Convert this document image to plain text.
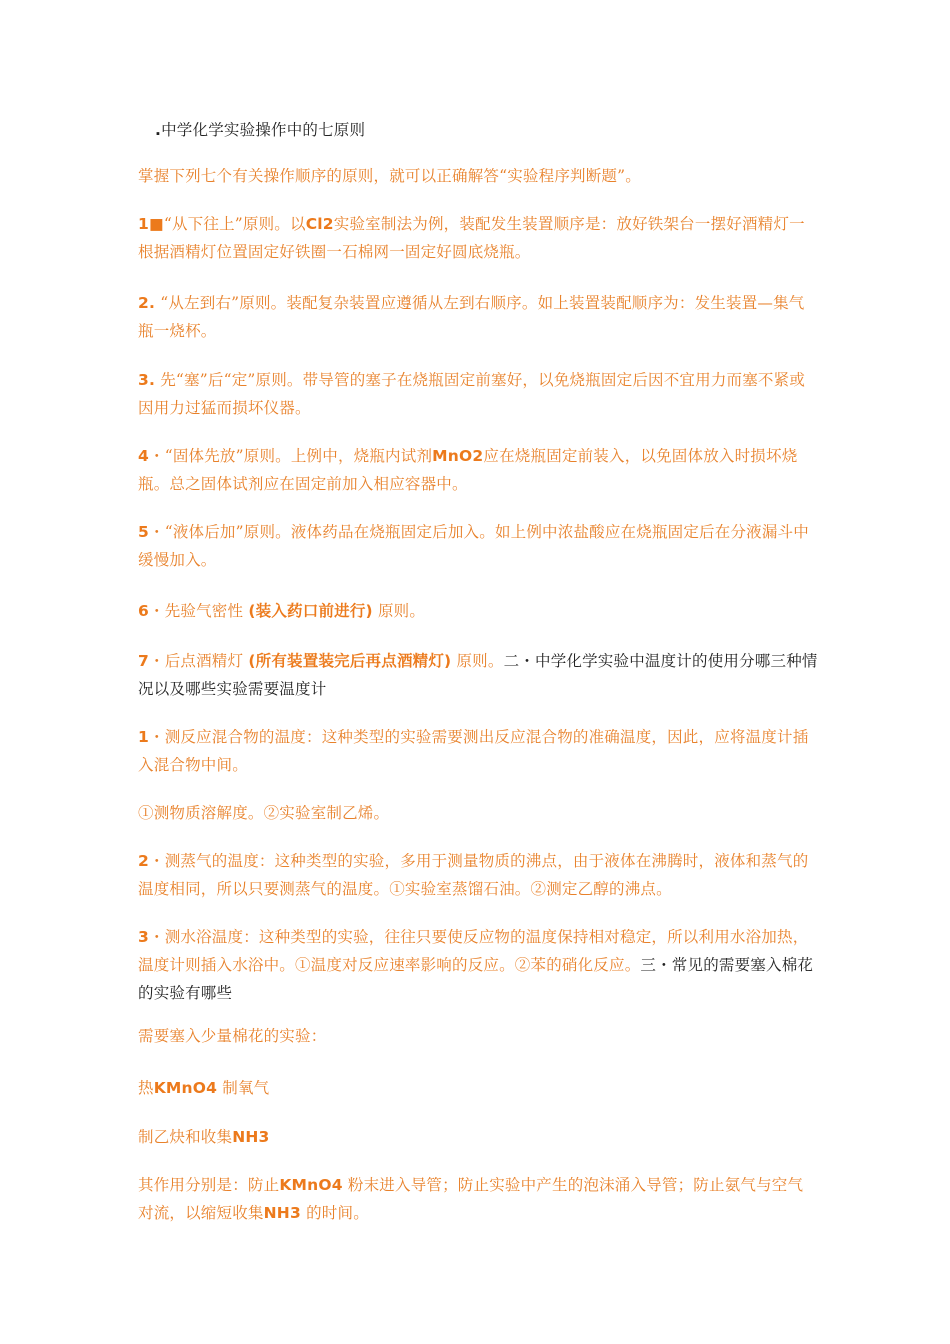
.中学化学实验操作中的七原则

掌握下列七个有关操作顺序的原则，就可以正确解答“实验程序判断题”。

1■“从下往上”原则。以Cl2实验室制法为例，装配发生装置顺序是：放好铁架台一摆好酒精灯一根据酒精灯位置固定好铁圈一石棉网一固定好圆底烧瓶。

2. “从左到右”原则。装配复杂装置应遵循从左到右顺序。如上装置装配顺序为：发生装置—集气瓶一烧杯。

3. 先“塞”后“定”原则。带导管的塞子在烧瓶固定前塞好，以免烧瓶固定后因不宜用力而塞不紧或因用力过猛而损坏仪器。

4・“固体先放”原则。上例中，烧瓶内试剂MnO2应在烧瓶固定前装入，以免固体放入时损坏烧瓶。总之固体试剂应在固定前加入相应容器中。

5・“液体后加”原则。液体药品在烧瓶固定后加入。如上例中浓盐酸应在烧瓶固定后在分液漏斗中缓慢加入。

6・先验气密性 (装入药口前进行) 原则。

7・后点酒精灯 (所有装置装完后再点酒精灯) 原则。二・中学化学实验中温度计的使用分哪三种情况以及哪些实验需要温度计

1・测反应混合物的温度：这种类型的实验需要测出反应混合物的准确温度，因此，应将温度计插入混合物中间。

①测物质溶解度。②实验室制乙烯。

2・测蒸气的温度：这种类型的实验，多用于测量物质的沸点，由于液体在沸腾时，液体和蒸气的温度相同，所以只要测蒸气的温度。①实验室蒸馏石油。②测定乙醇的沸点。

3・测水浴温度：这种类型的实验，往往只要使反应物的温度保持相对稳定，所以利用水浴加热，温度计则插入水浴中。①温度对反应速率影响的反应。②苯的硝化反应。三・常见的需要塞入棉花的实验有哪些

需要塞入少量棉花的实验：

热KMnO4 制氧气

制乙炔和收集NH3

其作用分别是：防止KMnO4 粉末进入导管；防止实验中产生的泡沫涌入导管；防止氨气与空气对流，以缩短收集NH3 的时间。
